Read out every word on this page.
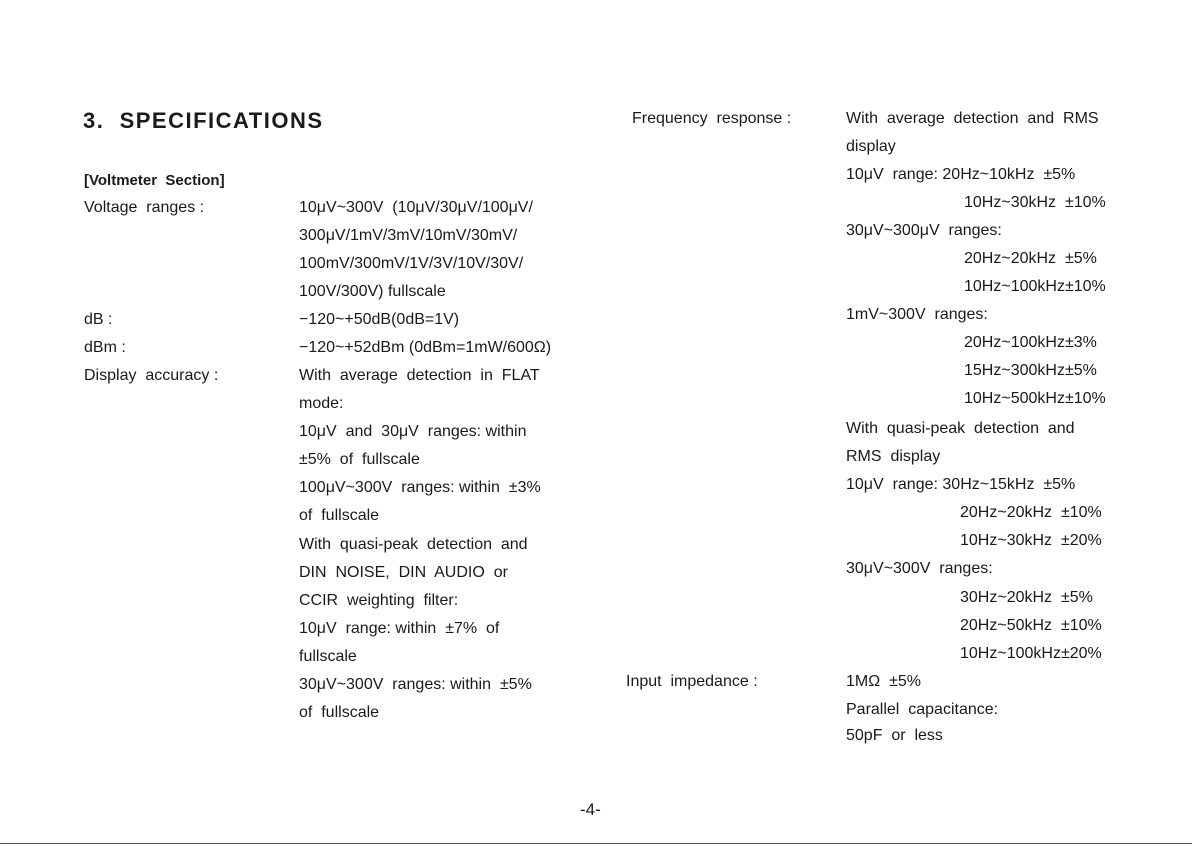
3.  SPECIFICATIONS
[Voltmeter  Section]
Voltage  ranges :
dB :
dBm :
Display  accuracy :
10μV~300V  (10μV/30μV/100μV/
300μV/1mV/3mV/10mV/30mV/
100mV/300mV/1V/3V/10V/30V/
100V/300V) fullscale
−120~+50dB(0dB=1V)
−120~+52dBm (0dBm=1mW/600Ω)
With  average  detection  in  FLAT
mode:
10μV  and  30μV  ranges: within
±5%  of  fullscale
100μV~300V  ranges: within  ±3%
of  fullscale
With  quasi-peak  detection  and
DIN  NOISE,  DIN  AUDIO  or
CCIR  weighting  filter:
10μV  range: within  ±7%  of
fullscale
30μV~300V  ranges: within  ±5%
of  fullscale
Frequency  response :
Input  impedance :
With  average  detection  and  RMS
display
10μV  range: 20Hz~10kHz  ±5%
10Hz~30kHz  ±10%
30μV~300μV  ranges:
20Hz~20kHz  ±5%
10Hz~100kHz±10%
1mV~300V  ranges:
20Hz~100kHz±3%
15Hz~300kHz±5%
10Hz~500kHz±10%
With  quasi-peak  detection  and
RMS  display
10μV  range: 30Hz~15kHz  ±5%
20Hz~20kHz  ±10%
10Hz~30kHz  ±20%
30μV~300V  ranges:
30Hz~20kHz  ±5%
20Hz~50kHz  ±10%
10Hz~100kHz±20%
1MΩ  ±5%
Parallel  capacitance:
50pF  or  less
-4-
